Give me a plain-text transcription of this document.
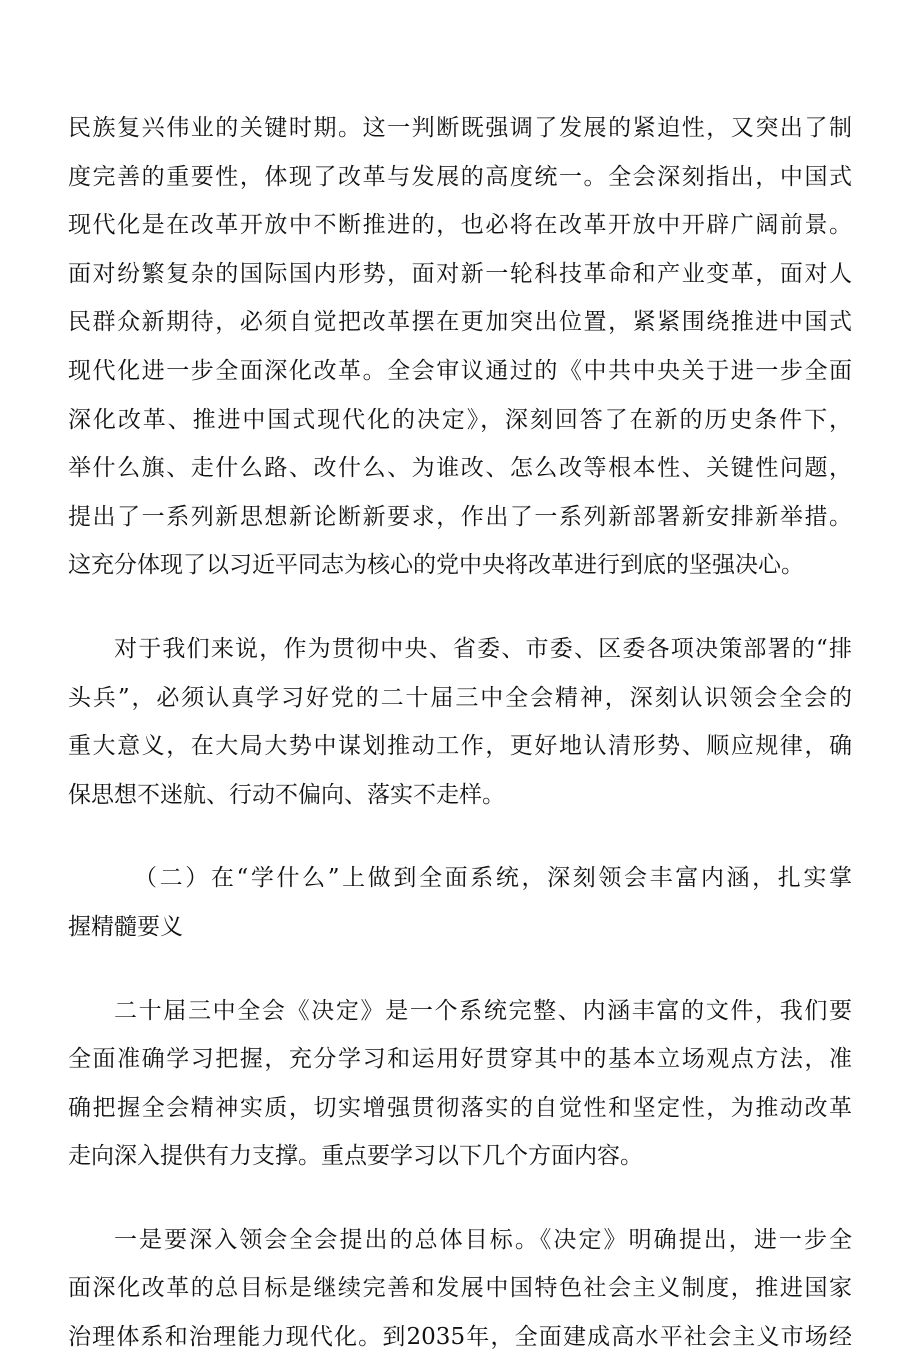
民族复兴伟业的关键时期。这一判断既强调了发展的紧迫性，又突出了制
度完善的重要性，体现了改革与发展的高度统一。全会深刻指出，中国式
现代化是在改革开放中不断推进的，也必将在改革开放中开辟广阔前景。
面对纷繁复杂的国际国内形势，面对新一轮科技革命和产业变革，面对人
民群众新期待，必须自觉把改革摆在更加突出位置，紧紧围绕推进中国式
现代化进一步全面深化改革。全会审议通过的《中共中央关于进一步全面
深化改革、推进中国式现代化的决定》，深刻回答了在新的历史条件下，
举什么旗、走什么路、改什么、为谁改、怎么改等根本性、关键性问题，
提出了一系列新思想新论断新要求，作出了一系列新部署新安排新举措。
这充分体现了以习近平同志为核心的党中央将改革进行到底的坚强决心。
对于我们来说，作为贯彻中央、省委、市委、区委各项决策部署的“排
头兵”，必须认真学习好党的二十届三中全会精神，深刻认识领会全会的
重大意义，在大局大势中谋划推动工作，更好地认清形势、顺应规律，确
保思想不迷航、行动不偏向、落实不走样。
（二）在“学什么”上做到全面系统，深刻领会丰富内涵，扎实掌
握精髓要义
二十届三中全会《决定》是一个系统完整、内涵丰富的文件，我们要
全面准确学习把握，充分学习和运用好贯穿其中的基本立场观点方法，准
确把握全会精神实质，切实增强贯彻落实的自觉性和坚定性，为推动改革
走向深入提供有力支撑。重点要学习以下几个方面内容。
一是要深入领会全会提出的总体目标。《决定》明确提出，进一步全
面深化改革的总目标是继续完善和发展中国特色社会主义制度，推进国家
治理体系和治理能力现代化。到2035年，全面建成高水平社会主义市场经
